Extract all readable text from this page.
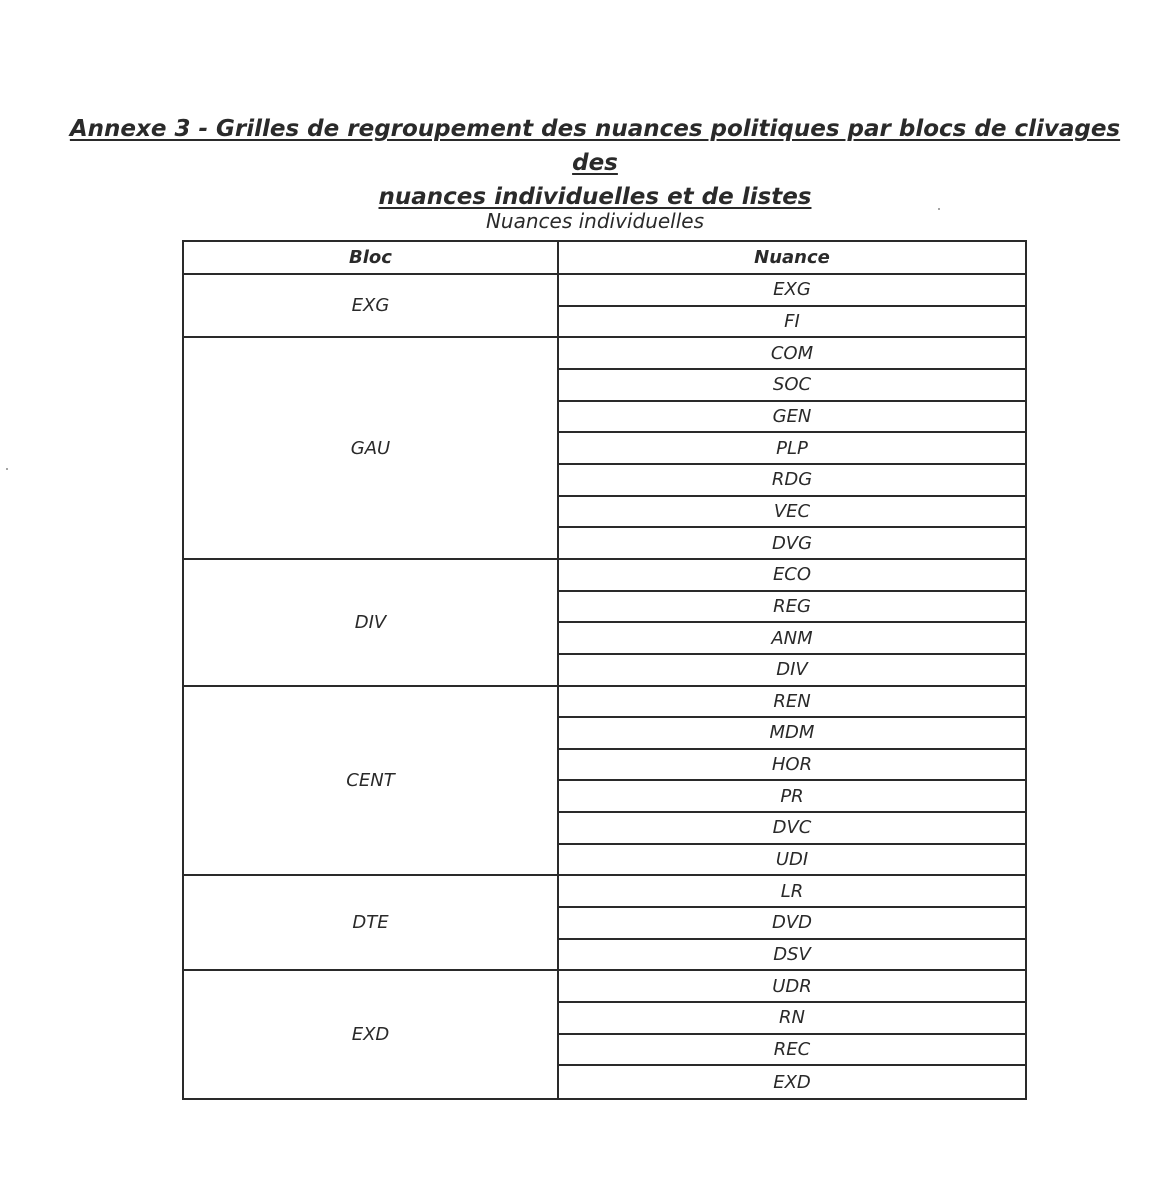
Annexe 3 - Grilles de regroupement des nuances politiques par blocs de clivages des
nuances individuelles et de listes
Nuances individuelles
Bloc	Nuance
EXG
EXG
FI
GAU
COM
SOC
GEN
PLP
RDG
VEC
DVG
DIV
ECO
REG
ANM
DIV
CENT
REN
MDM
HOR
PR
DVC
UDI
DTE
LR
DVD
DSV
EXD
UDR
RN
REC
EXD
